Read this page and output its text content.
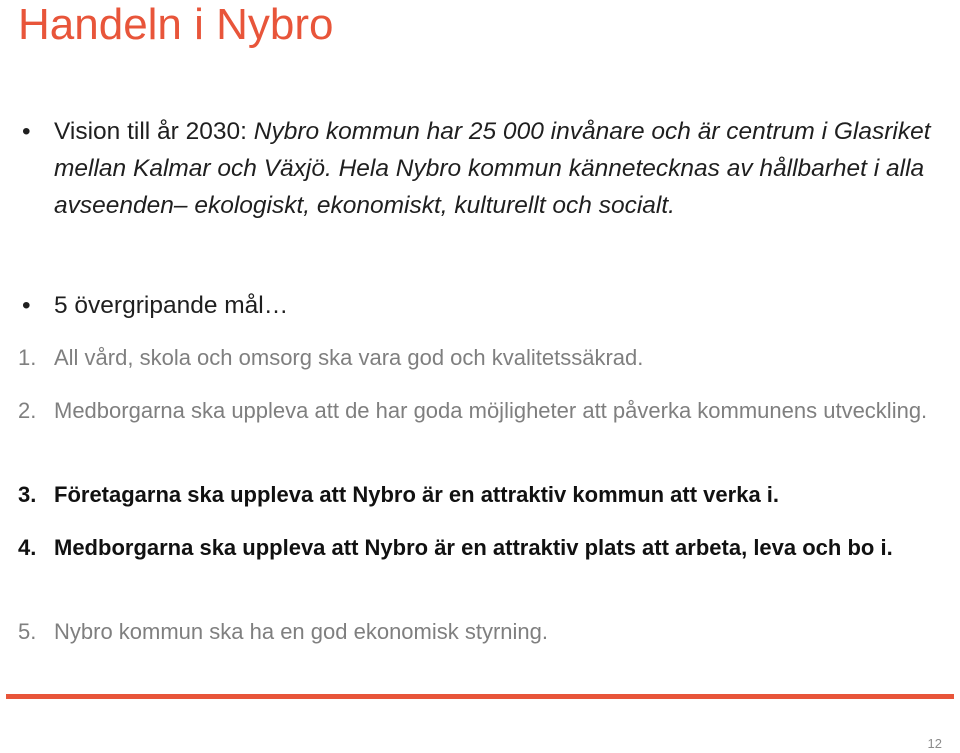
Handeln i Nybro
• Vision till år 2030: Nybro kommun har 25 000 invånare och är centrum i Glasriket mellan Kalmar och Växjö. Hela Nybro kommun kännetecknas av hållbarhet i alla avseenden– ekologiskt, ekonomiskt, kulturellt och socialt.
• 5 övergripande mål…
1. All vård, skola och omsorg ska vara god och kvalitetssäkrad.
2. Medborgarna ska uppleva att de har goda möjligheter att påverka kommunens utveckling.
3. Företagarna ska uppleva att Nybro är en attraktiv kommun att verka i.
4. Medborgarna ska uppleva att Nybro är en attraktiv plats att arbeta, leva och bo i.
5. Nybro kommun ska ha en god ekonomisk styrning.
12
